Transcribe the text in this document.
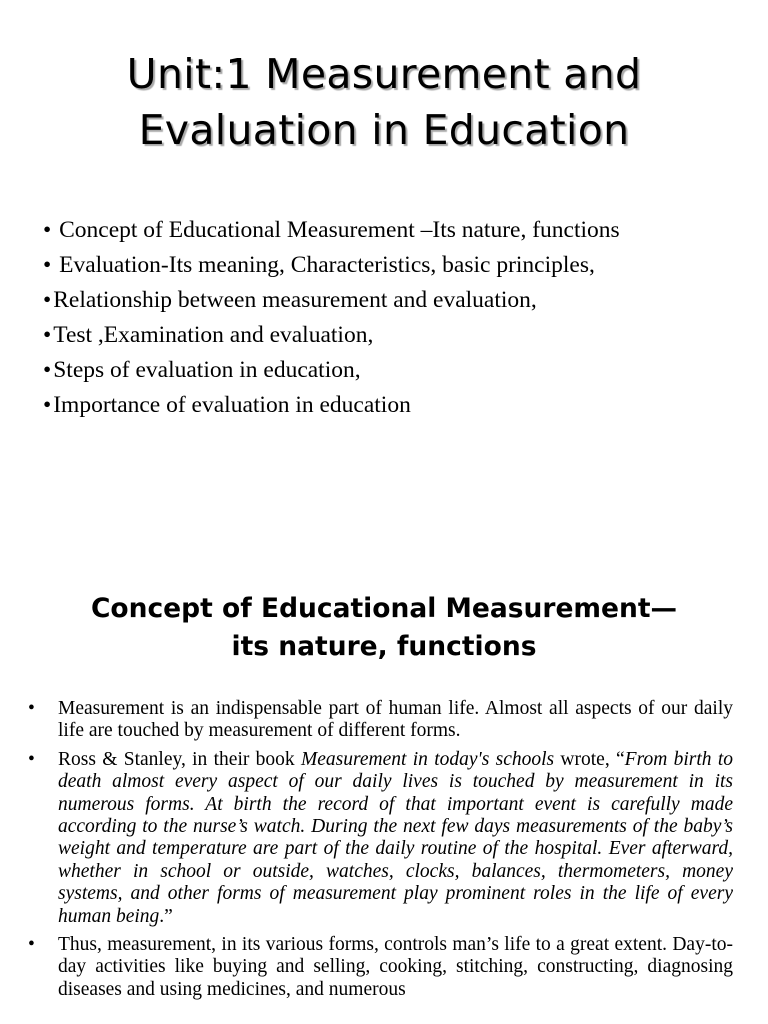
Unit:1 Measurement and
Evaluation in Education
• Concept of Educational Measurement –Its nature, functions
• Evaluation-Its meaning, Characteristics, basic principles,
•Relationship between measurement and evaluation,
•Test ,Examination and evaluation,
•Steps of evaluation in education,
•Importance of evaluation in education
Concept of Educational Measurement—
its nature, functions
• Measurement is an indispensable part of human life. Almost all aspects of our daily life are touched by measurement of different forms.
• Ross & Stanley, in their book Measurement in today's schools wrote, “From birth to death almost every aspect of our daily lives is touched by measurement in its numerous forms. At birth the record of that important event is carefully made according to the nurse’s watch. During the next few days measurements of the baby’s weight and temperature are part of the daily routine of the hospital. Ever afterward, whether in school or outside, watches, clocks, balances, thermometers, money systems, and other forms of measurement play prominent roles in the life of every human being.”
• Thus, measurement, in its various forms, controls man’s life to a great extent. Day-to-day activities like buying and selling, cooking, stitching, constructing, diagnosing diseases and using medicines, and numerous
